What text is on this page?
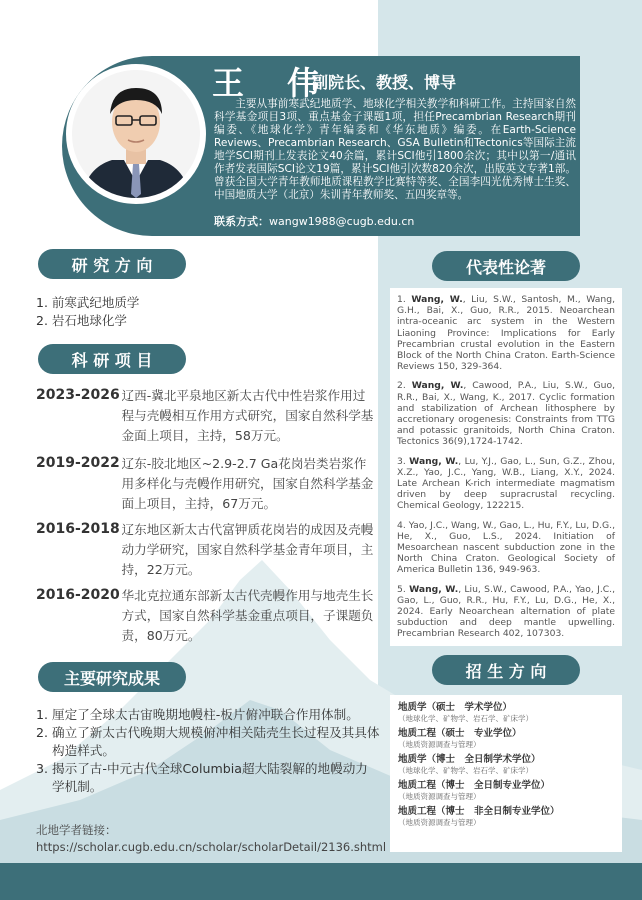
王 伟
副院长、教授、博导
主要从事前寒武纪地质学、地球化学相关教学和科研工作。主持国家自然科学基金项目3项、重点基金子课题1项，担任Precambrian Research期刊编委、《地球化学》青年编委和《华东地质》编委。在Earth-Science Reviews、Precambrian Research、GSA Bulletin和Tectonics等国际主流地学SCI期刊上发表论文40余篇，累计SCI他引1800余次；其中以第一/通讯作者发表国际SCI论文19篇，累计SCI他引次数820余次，出版英文专著1部。曾获全国大学青年教师地质课程教学比赛特等奖、全国李四光优秀博士生奖、中国地质大学（北京）朱训青年教师奖、五四奖章等。
联系方式：wangw1988@cugb.edu.cn
研 究 方 向
1. 前寒武纪地质学
2. 岩石地球化学
科 研 项 目
2023-2026 辽西-冀北平泉地区新太古代中性岩浆作用过程与壳幔相互作用方式研究，国家自然科学基金面上项目，主持，58万元。
2019-2022 辽东-胶北地区~2.9-2.7 Ga花岗岩类岩浆作用多样化与壳幔作用研究，国家自然科学基金面上项目，主持，67万元。
2016-2018 辽东地区新太古代富钾质花岗岩的成因及壳幔动力学研究，国家自然科学基金青年项目，主持，22万元。
2016-2020 华北克拉通东部新太古代壳幔作用与地壳生长方式，国家自然科学基金重点项目，子课题负责，80万元。
主要研究成果
1. 厘定了全球太古宙晚期地幔柱-板片俯冲联合作用体制。
2. 确立了新太古代晚期大规模俯冲相关陆壳生长过程及其具体构造样式。
3. 揭示了古-中元古代全球Columbia超大陆裂解的地幔动力学机制。
北地学者链接：
https://scholar.cugb.edu.cn/scholar/scholarDetail/2136.shtml
代表性论著
1. Wang, W., Liu, S.W., Santosh, M., Wang, G.H., Bai, X., Guo, R.R., 2015. Neoarchean intra-oceanic arc system in the Western Liaoning Province: Implications for Early Precambrian crustal evolution in the Eastern Block of the North China Craton. Earth-Science Reviews 150, 329-364.
2. Wang, W., Cawood, P.A., Liu, S.W., Guo, R.R., Bai, X., Wang, K., 2017. Cyclic formation and stabilization of Archean lithosphere by accretionary orogenesis: Constraints from TTG and potassic granitoids, North China Craton. Tectonics 36(9),1724-1742.
3. Wang, W., Lu, Y.J., Gao, L., Sun, G.Z., Zhou, X.Z., Yao, J.C., Yang, W.B., Liang, X.Y., 2024. Late Archean K-rich intermediate magmatism driven by deep supracrustal recycling. Chemical Geology, 122215.
4. Yao, J.C., Wang, W., Gao, L., Hu, F.Y., Lu, D.G., He, X., Guo, L.S., 2024. Initiation of Mesoarchean nascent subduction zone in the North China Craton. Geological Society of America Bulletin 136, 949-963.
5. Wang, W., Liu, S.W., Cawood, P.A., Yao, J.C., Gao, L., Guo, R.R., Hu, F.Y., Lu, D.G., He, X., 2024. Early Neoarchean alternation of plate subduction and deep mantle upwelling. Precambrian Research 402, 107303.
招 生 方 向
地质学（硕士　学术学位）
（地球化学、矿物学、岩石学、矿床学）
地质工程（硕士　专业学位）
（地质资源调查与管理）
地质学（博士　全日制学术学位）
（地球化学、矿物学、岩石学、矿床学）
地质工程（博士　全日制专业学位）
（地质资源调查与管理）
地质工程（博士　非全日制专业学位）
（地质资源调查与管理）
